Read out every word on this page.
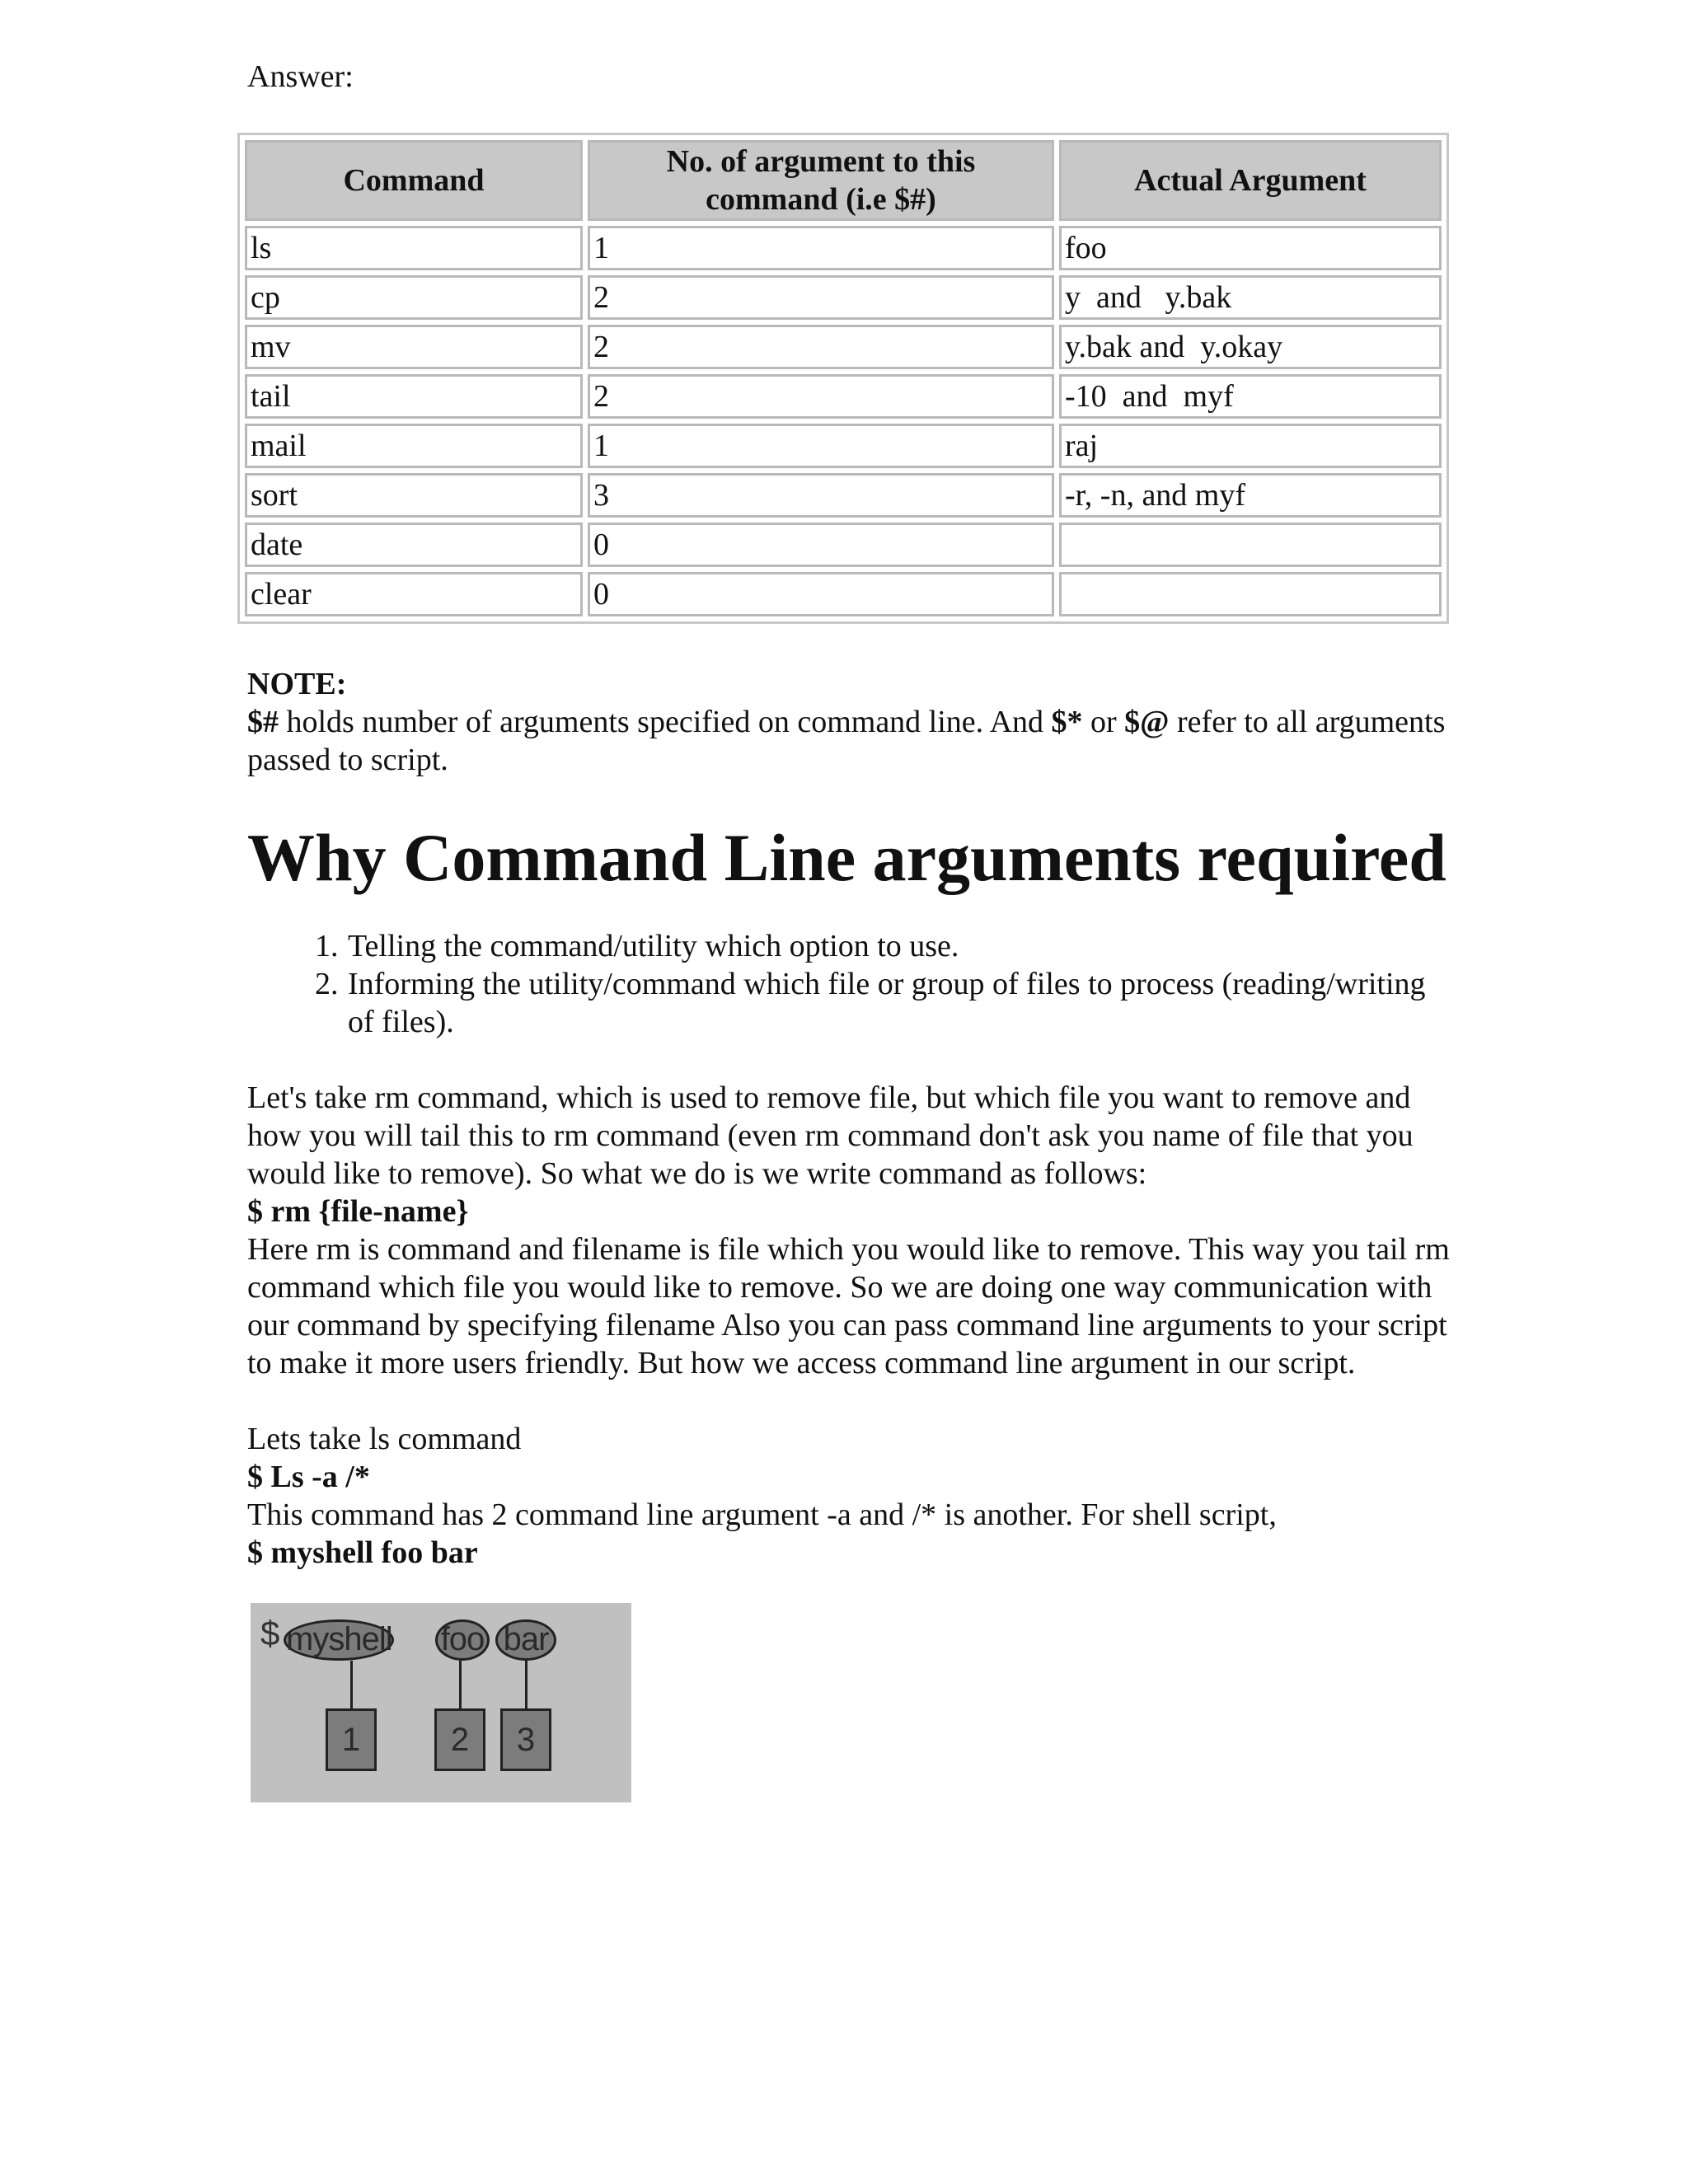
Answer:

Command	No. of argument to this command (i.e $#)	Actual Argument
ls	1	foo
cp	2	y  and   y.bak
mv	2	y.bak and  y.okay
tail	2	-10  and  myf
mail	1	raj
sort	3	-r, -n, and myf
date	0	
clear	0	

NOTE:

$# holds number of arguments specified on command line. And $* or $@ refer to all arguments passed to script.

Why Command Line arguments required
1. Telling the command/utility which option to use.
2. Informing the utility/command which file or group of files to process (reading/writing of files).

Let's take rm command, which is used to remove file, but which file you want to remove and how you will tail this to rm command (even rm command don't ask you name of file that you would like to remove). So what we do is we write command as follows:

$ rm {file-name}

Here rm is command and filename is file which you would like to remove. This way you tail rm command which file you would like to remove. So we are doing one way communication with our command by specifying filename Also you can pass command line arguments to your script to make it more users friendly. But how we access command line argument in our script.

Lets take ls command

$ Ls -a /*

This command has 2 command line argument -a and /* is another. For shell script,

$ myshell foo bar

$ myshell foo bar
1	2	3
